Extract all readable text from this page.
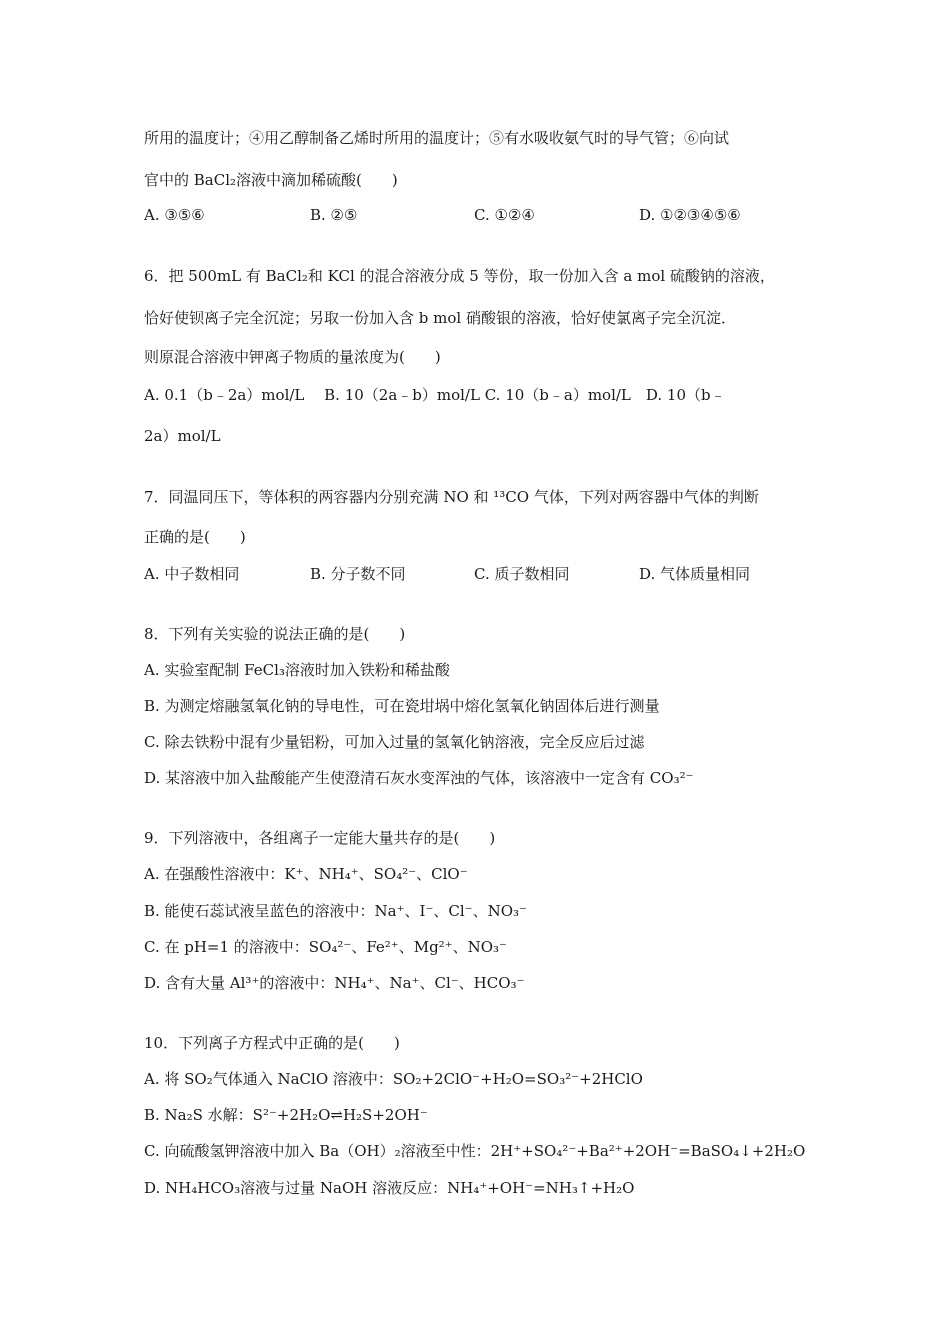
所用的温度计；④用乙醇制备乙烯时所用的温度计；⑤有水吸收氨气时的导气管；⑥向试
官中的 BaCl₂溶液中滴加稀硫酸(　　)

A. ③⑤⑥

	B. ②⑤

	C. ①②④

	D. ①②③④⑤⑥

6．把 500mL 有 BaCl₂和 KCl 的混合溶液分成 5 等份，取一份加入含 a mol 硫酸钠的溶液，
恰好使钡离子完全沉淀；另取一份加入含 b mol 硝酸银的溶液，恰好使氯离子完全沉淀．
则原混合溶液中钾离子物质的量浓度为(　　)
A. 0.1（b﹣2a）mol/L　 B. 10（2a﹣b）mol/L C. 10（b﹣a）mol/L　D. 10（b﹣
2a）mol/L
7．同温同压下，等体积的两容器内分别充满 NO 和 ¹³CO 气体，下列对两容器中气体的判断
正确的是(　　)

A. 中子数相同

	B. 分子数不同

	C. 质子数相同

	D. 气体质量相同

8．下列有关实验的说法正确的是(　　)
A. 实验室配制 FeCl₃溶液时加入铁粉和稀盐酸
B. 为测定熔融氢氧化钠的导电性，可在瓷坩埚中熔化氢氧化钠固体后进行测量
C. 除去铁粉中混有少量铝粉，可加入过量的氢氧化钠溶液，完全反应后过滤
D. 某溶液中加入盐酸能产生使澄清石灰水变浑浊的气体，该溶液中一定含有 CO₃²⁻
9．下列溶液中，各组离子一定能大量共存的是(　　)
A. 在强酸性溶液中：K⁺、NH₄⁺、SO₄²⁻、ClO⁻
B. 能使石蕊试液呈蓝色的溶液中：Na⁺、I⁻、Cl⁻、NO₃⁻
C. 在 pH=1 的溶液中：SO₄²⁻、Fe²⁺、Mg²⁺、NO₃⁻
D. 含有大量 Al³⁺的溶液中：NH₄⁺、Na⁺、Cl⁻、HCO₃⁻
10．下列离子方程式中正确的是(　　)
A. 将 SO₂气体通入 NaClO 溶液中：SO₂+2ClO⁻+H₂O=SO₃²⁻+2HClO
B. Na₂S 水解：S²⁻+2H₂O⇌H₂S+2OH⁻
C. 向硫酸氢钾溶液中加入 Ba（OH）₂溶液至中性：2H⁺+SO₄²⁻+Ba²⁺+2OH⁻=BaSO₄↓+2H₂O
D. NH₄HCO₃溶液与过量 NaOH 溶液反应：NH₄⁺+OH⁻=NH₃↑+H₂O
